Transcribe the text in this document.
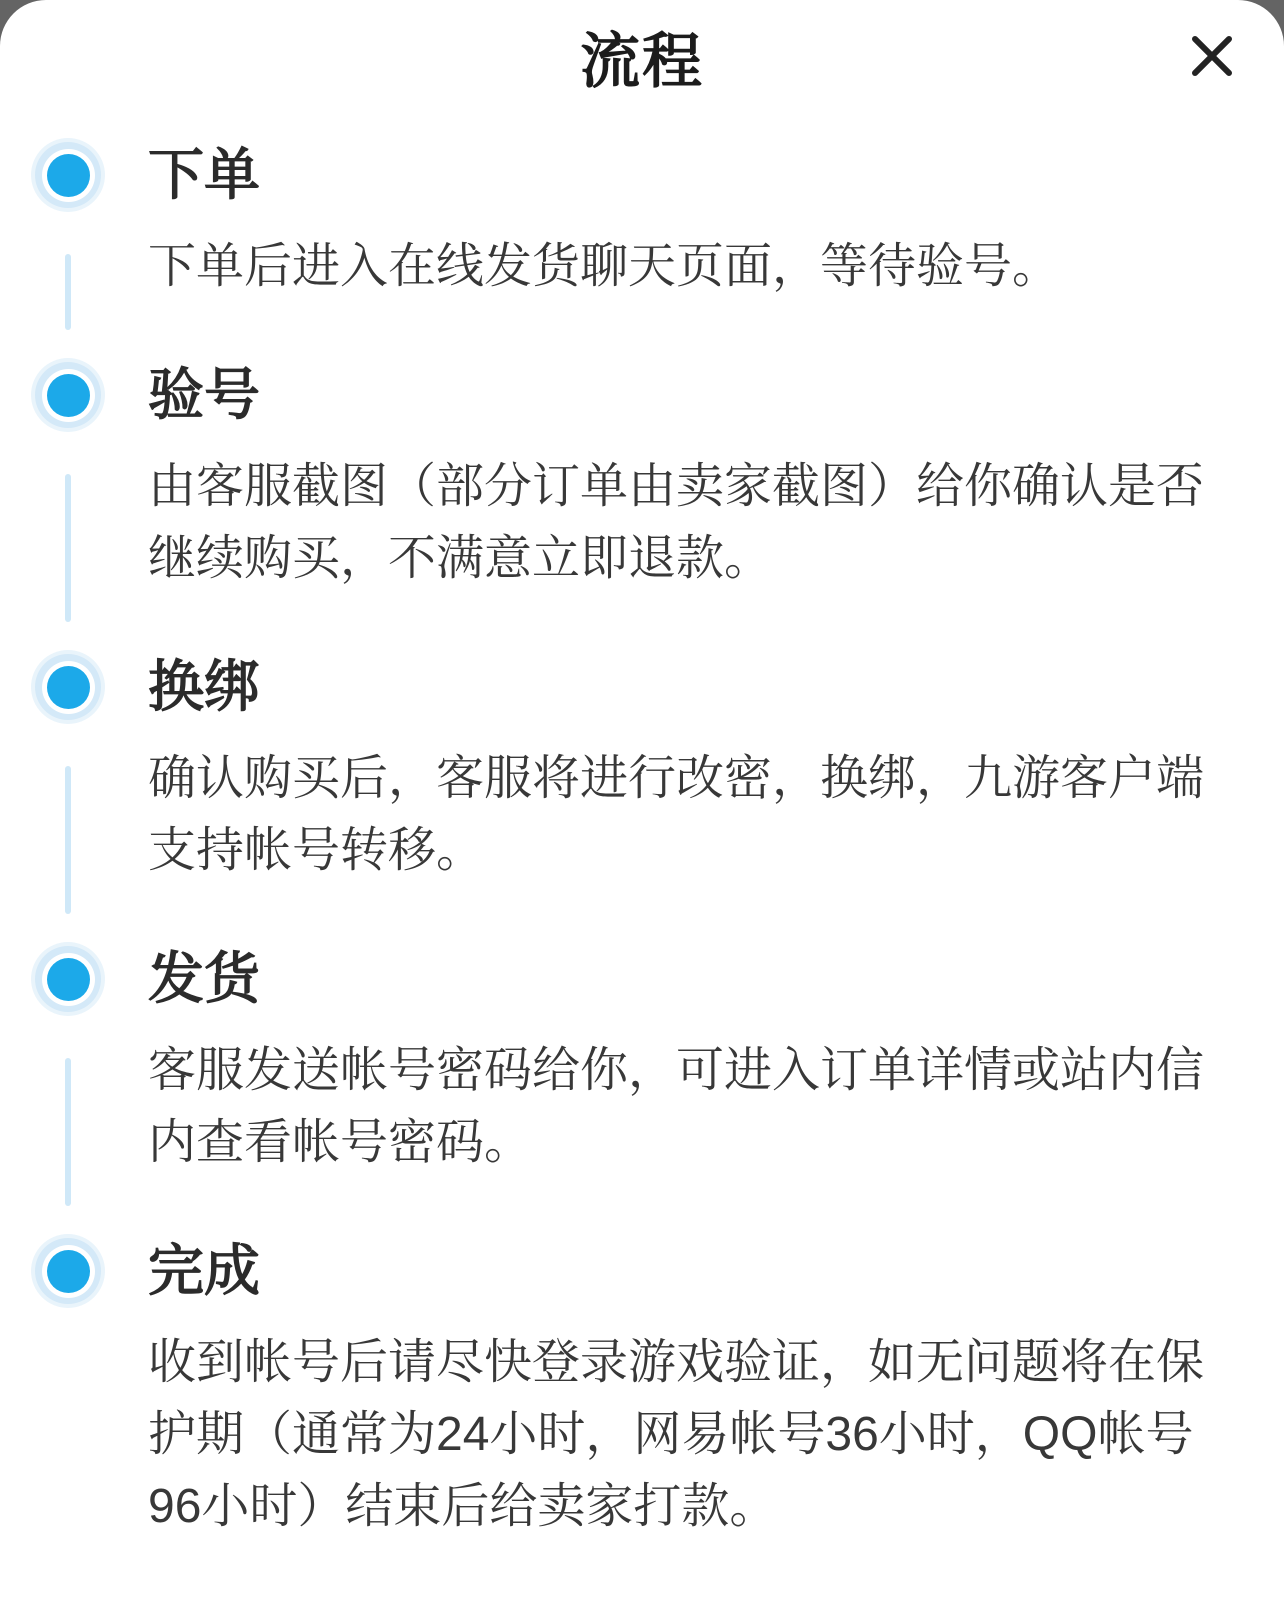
流程
下单
下单后进入在线发货聊天页面，等待验号。
验号
由客服截图（部分订单由卖家截图）给你确认是否
继续购买，不满意立即退款。
换绑
确认购买后，客服将进行改密，换绑，九游客户端
支持帐号转移。
发货
客服发送帐号密码给你，可进入订单详情或站内信
内查看帐号密码。
完成
收到帐号后请尽快登录游戏验证，如无问题将在保
护期（通常为24小时，网易帐号36小时，QQ帐号
96小时）结束后给卖家打款。
